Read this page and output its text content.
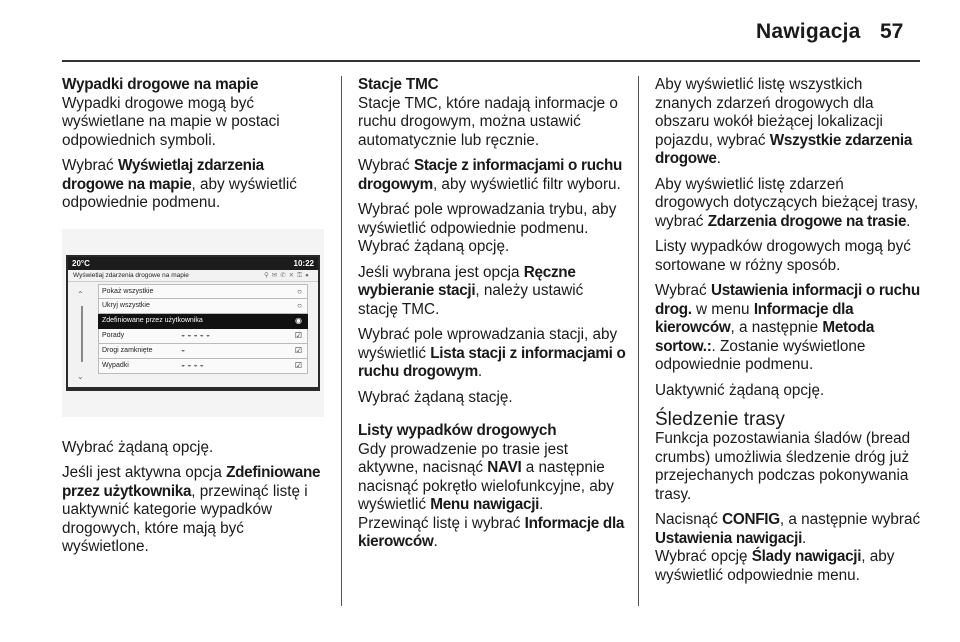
Nawigacja 57
Wypadki drogowe na mapie

Wypadki drogowe mogą być wyświetlane na mapie w postaci odpowiednich symboli.

Wybrać Wyświetlaj zdarzenia drogowe na mapie, aby wyświetlić odpowiednie podmenu.

20°C	10:22
Wyświetlaj zdarzenia drogowe na mapie	⚲✉✆✕⚿●
⌃
⌄
Pokaż wszystkie	○
Ukryj wszystkie	○
Zdefiniowane przez użytkownika	◉
Porady	◒◒◒◒◒	☑
Drogi zamknięte	◒	☑
Wypadki	◒◒◒◒	☑

Wybrać żądaną opcję.

Jeśli jest aktywna opcja Zdefiniowane przez użytkownika, przewinąć listę i uaktywnić kategorie wypadków drogowych, które mają być wyświetlone.

Stacje TMC

Stacje TMC, które nadają informacje o ruchu drogowym, można ustawić automatycznie lub ręcznie.

Wybrać Stacje z informacjami o ruchu drogowym, aby wyświetlić filtr wyboru.

Wybrać pole wprowadzania trybu, aby wyświetlić odpowiednie podmenu. Wybrać żądaną opcję.

Jeśli wybrana jest opcja Ręczne wybieranie stacji, należy ustawić stację TMC.

Wybrać pole wprowadzania stacji, aby wyświetlić Lista stacji z informacjami o ruchu drogowym.

Wybrać żądaną stację.

Listy wypadków drogowych

Gdy prowadzenie po trasie jest aktywne, nacisnąć NAVI a następnie nacisnąć pokrętło wielofunkcyjne, aby wyświetlić Menu nawigacji.

Przewinąć listę i wybrać Informacje dla kierowców.

Aby wyświetlić listę wszystkich znanych zdarzeń drogowych dla obszaru wokół bieżącej lokalizacji pojazdu, wybrać Wszystkie zdarzenia drogowe.

Aby wyświetlić listę zdarzeń drogowych dotyczących bieżącej trasy, wybrać Zdarzenia drogowe na trasie.

Listy wypadków drogowych mogą być sortowane w różny sposób.

Wybrać Ustawienia informacji o ruchu drog. w menu Informacje dla kierowców, a następnie Metoda sortow.:. Zostanie wyświetlone odpowiednie podmenu.

Uaktywnić żądaną opcję.

Śledzenie trasy

Funkcja pozostawiania śladów (bread crumbs) umożliwia śledzenie dróg już przejechanych podczas pokonywania trasy.

Nacisnąć CONFIG, a następnie wybrać Ustawienia nawigacji.

Wybrać opcję Ślady nawigacji, aby wyświetlić odpowiednie menu.
